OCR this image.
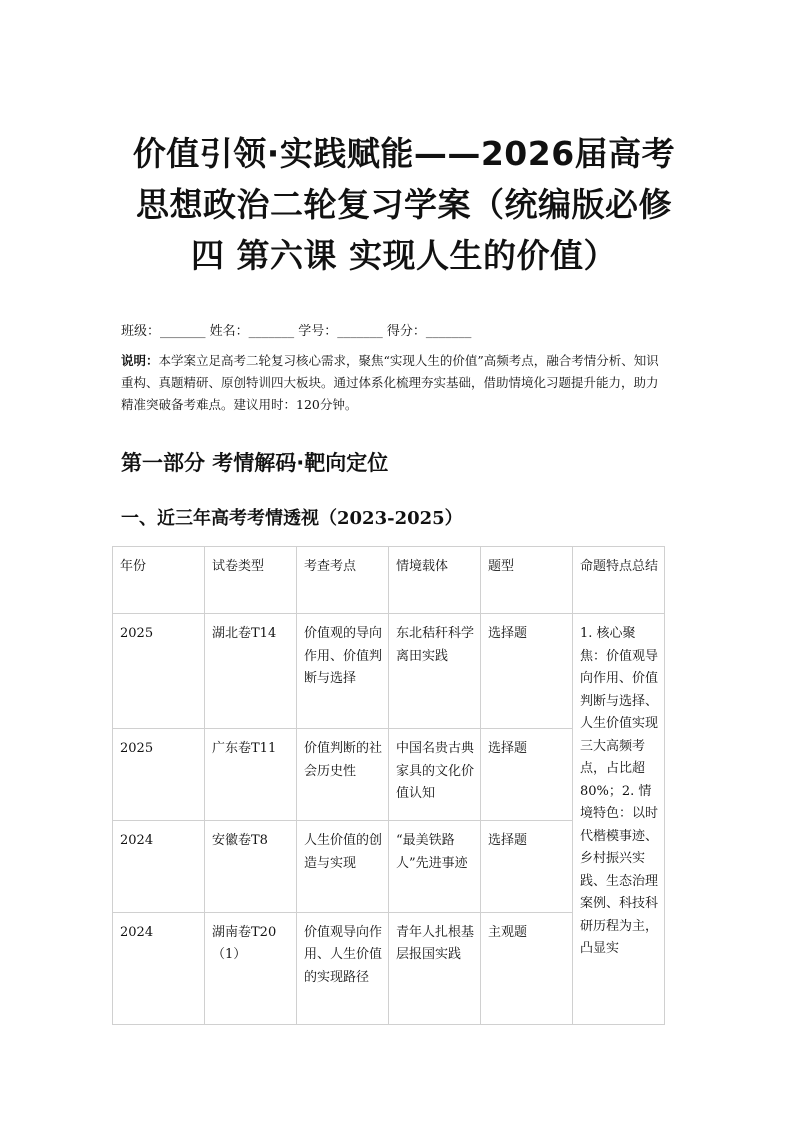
价值引领·实践赋能——2026届高考思想政治二轮复习学案（统编版必修四 第六课 实现人生的价值）
班级：_______ 姓名：_______ 学号：_______ 得分：_______

说明：本学案立足高考二轮复习核心需求，聚焦“实现人生的价值”高频考点，融合考情分析、知识重构、真题精研、原创特训四大板块。通过体系化梳理夯实基础，借助情境化习题提升能力，助力精准突破备考难点。建议用时：120分钟。

第一部分 考情解码·靶向定位
一、近三年高考考情透视（2023-2025）
年份	试卷类型	考查考点	情境载体	题型	命题特点总结
2025	湖北卷T14	价值观的导向作用、价值判断与选择	东北秸秆科学离田实践	选择题	1. 核心聚焦：价值观导向作用、价值判断与选择、人生价值实现三大高频考点，占比超80%；2. 情境特色：以时代楷模事迹、乡村振兴实践、生态治理案例、科技科研历程为主，凸显实

2025	广东卷T11	价值判断的社会历史性	中国名贵古典家具的文化价值认知	选择题	
2024	安徽卷T8	人生价值的创造与实现	“最美铁路人”先进事迹	选择题	
2024	湖南卷T20（1）	价值观导向作用、人生价值的实现路径	青年人扎根基层报国实践	主观题	
